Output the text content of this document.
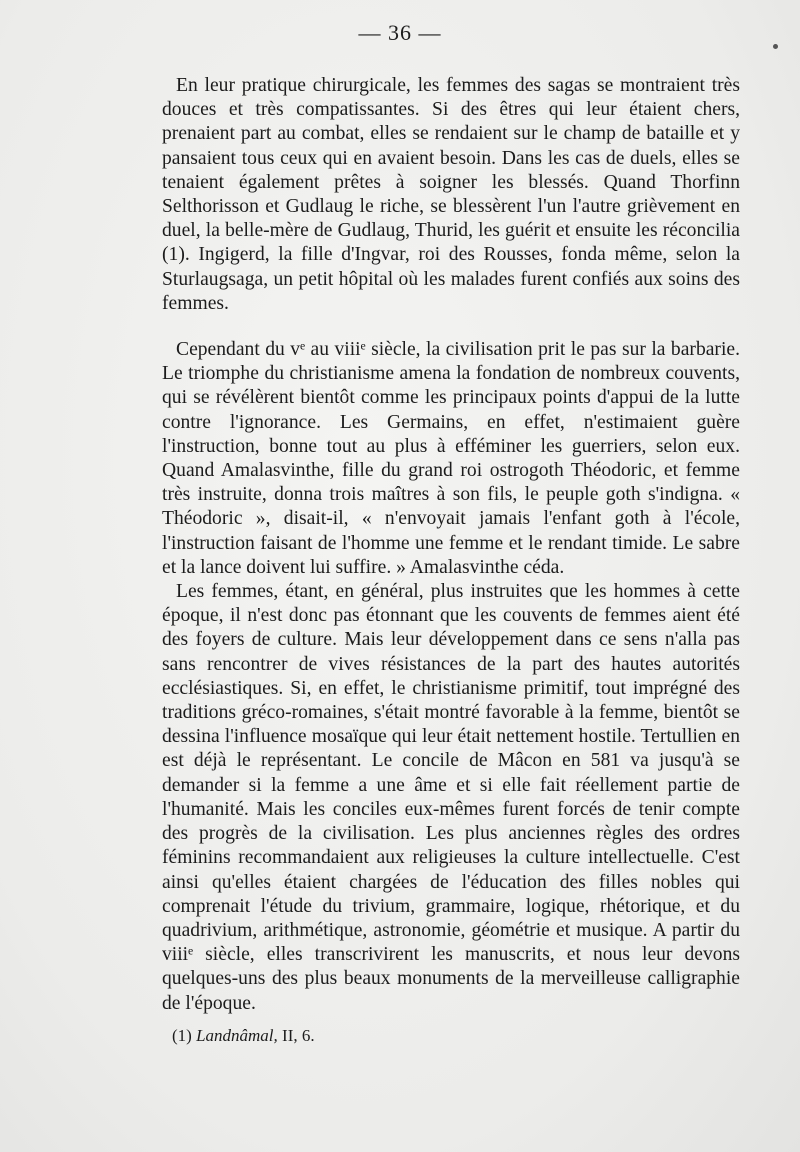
— 36 —

En leur pratique chirurgicale, les femmes des sagas se montraient très douces et très compatissantes. Si des êtres qui leur étaient chers, prenaient part au combat, elles se rendaient sur le champ de bataille et y pansaient tous ceux qui en avaient besoin. Dans les cas de duels, elles se tenaient également prêtes à soigner les blessés. Quand Thorfinn Selthorisson et Gudlaug le riche, se blessèrent l'un l'autre grièvement en duel, la belle-mère de Gudlaug, Thurid, les guérit et ensuite les réconcilia (1). Ingigerd, la fille d'Ingvar, roi des Rousses, fonda même, selon la Sturlaugsaga, un petit hôpital où les malades furent confiés aux soins des femmes.

Cependant du vᵉ au viiiᵉ siècle, la civilisation prit le pas sur la barbarie. Le triomphe du christianisme amena la fondation de nombreux couvents, qui se révélèrent bientôt comme les principaux points d'appui de la lutte contre l'ignorance. Les Germains, en effet, n'estimaient guère l'instruction, bonne tout au plus à efféminer les guerriers, selon eux. Quand Amalasvinthe, fille du grand roi ostrogoth Théodoric, et femme très instruite, donna trois maîtres à son fils, le peuple goth s'indigna. « Théodoric », disait-il, « n'envoyait jamais l'enfant goth à l'école, l'instruction faisant de l'homme une femme et le rendant timide. Le sabre et la lance doivent lui suffire. » Amalasvinthe céda.

Les femmes, étant, en général, plus instruites que les hommes à cette époque, il n'est donc pas étonnant que les couvents de femmes aient été des foyers de culture. Mais leur développement dans ce sens n'alla pas sans rencontrer de vives résistances de la part des hautes autorités ecclésiastiques. Si, en effet, le christianisme primitif, tout imprégné des traditions gréco-romaines, s'était montré favorable à la femme, bientôt se dessina l'influence mosaïque qui leur était nettement hostile. Tertullien en est déjà le représentant. Le concile de Mâcon en 581 va jusqu'à se demander si la femme a une âme et si elle fait réellement partie de l'humanité. Mais les conciles eux-mêmes furent forcés de tenir compte des progrès de la civilisation. Les plus anciennes règles des ordres féminins recommandaient aux religieuses la culture intellectuelle. C'est ainsi qu'elles étaient chargées de l'éducation des filles nobles qui comprenait l'étude du trivium, grammaire, logique, rhétorique, et du quadrivium, arithmétique, astronomie, géométrie et musique. A partir du viiiᵉ siècle, elles transcrivirent les manuscrits, et nous leur devons quelques-uns des plus beaux monuments de la merveilleuse calligraphie de l'époque.

(1) Landnâmal, II, 6.
